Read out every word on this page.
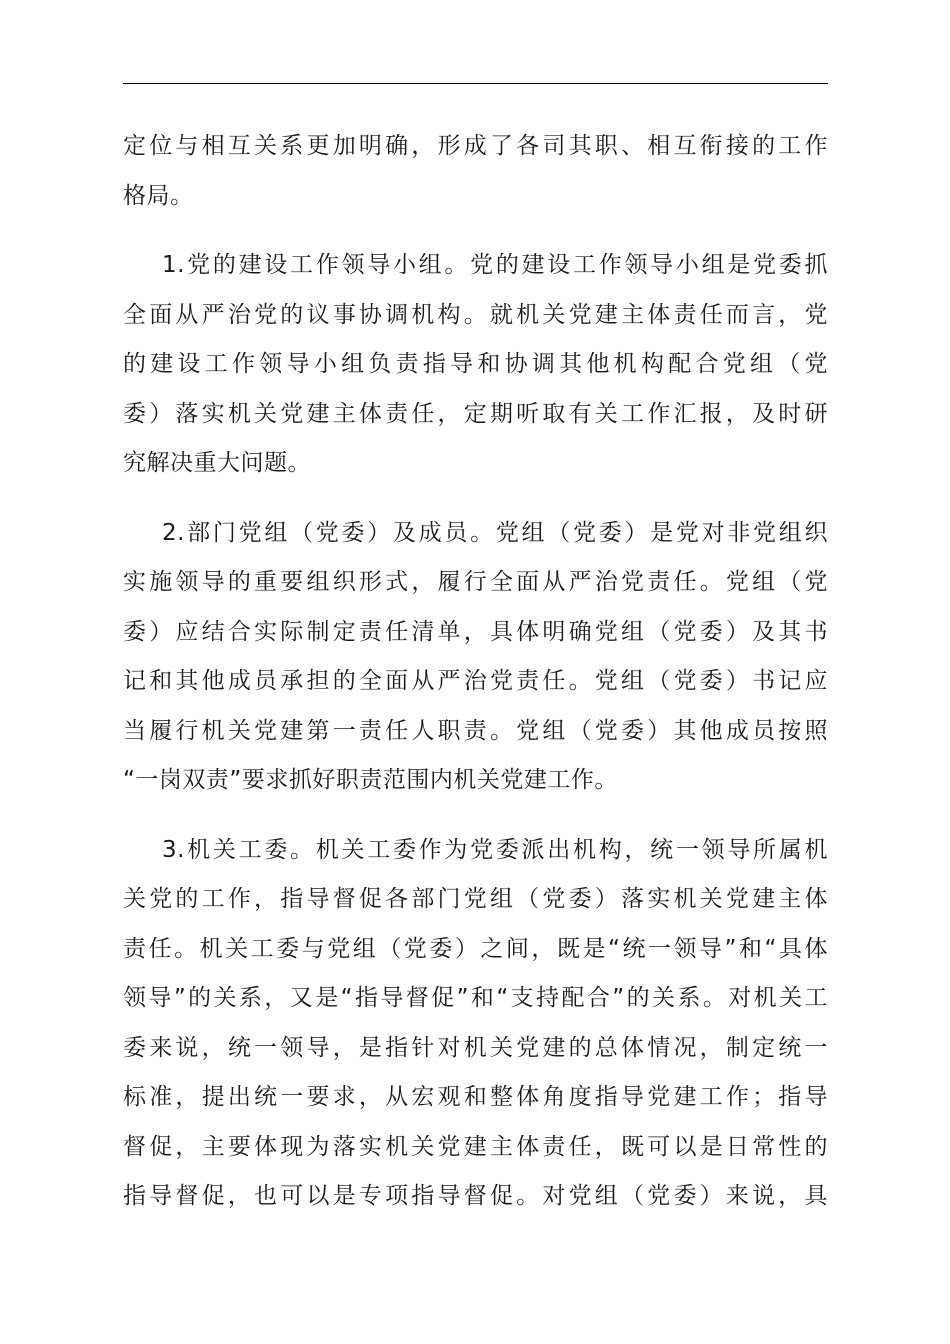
定位与相互关系更加明确，形成了各司其职、相互衔接的工作
格局。
1.党的建设工作领导小组。党的建设工作领导小组是党委抓
全面从严治党的议事协调机构。就机关党建主体责任而言，党
的建设工作领导小组负责指导和协调其他机构配合党组（党
委）落实机关党建主体责任，定期听取有关工作汇报，及时研
究解决重大问题。
2.部门党组（党委）及成员。党组（党委）是党对非党组织
实施领导的重要组织形式，履行全面从严治党责任。党组（党
委）应结合实际制定责任清单，具体明确党组（党委）及其书
记和其他成员承担的全面从严治党责任。党组（党委）书记应
当履行机关党建第一责任人职责。党组（党委）其他成员按照
“一岗双责”要求抓好职责范围内机关党建工作。
3.机关工委。机关工委作为党委派出机构，统一领导所属机
关党的工作，指导督促各部门党组（党委）落实机关党建主体
责任。机关工委与党组（党委）之间，既是“统一领导”和“具体
领导”的关系，又是“指导督促”和“支持配合”的关系。对机关工
委来说，统一领导，是指针对机关党建的总体情况，制定统一
标准，提出统一要求，从宏观和整体角度指导党建工作；指导
督促，主要体现为落实机关党建主体责任，既可以是日常性的
指导督促，也可以是专项指导督促。对党组（党委）来说，具
